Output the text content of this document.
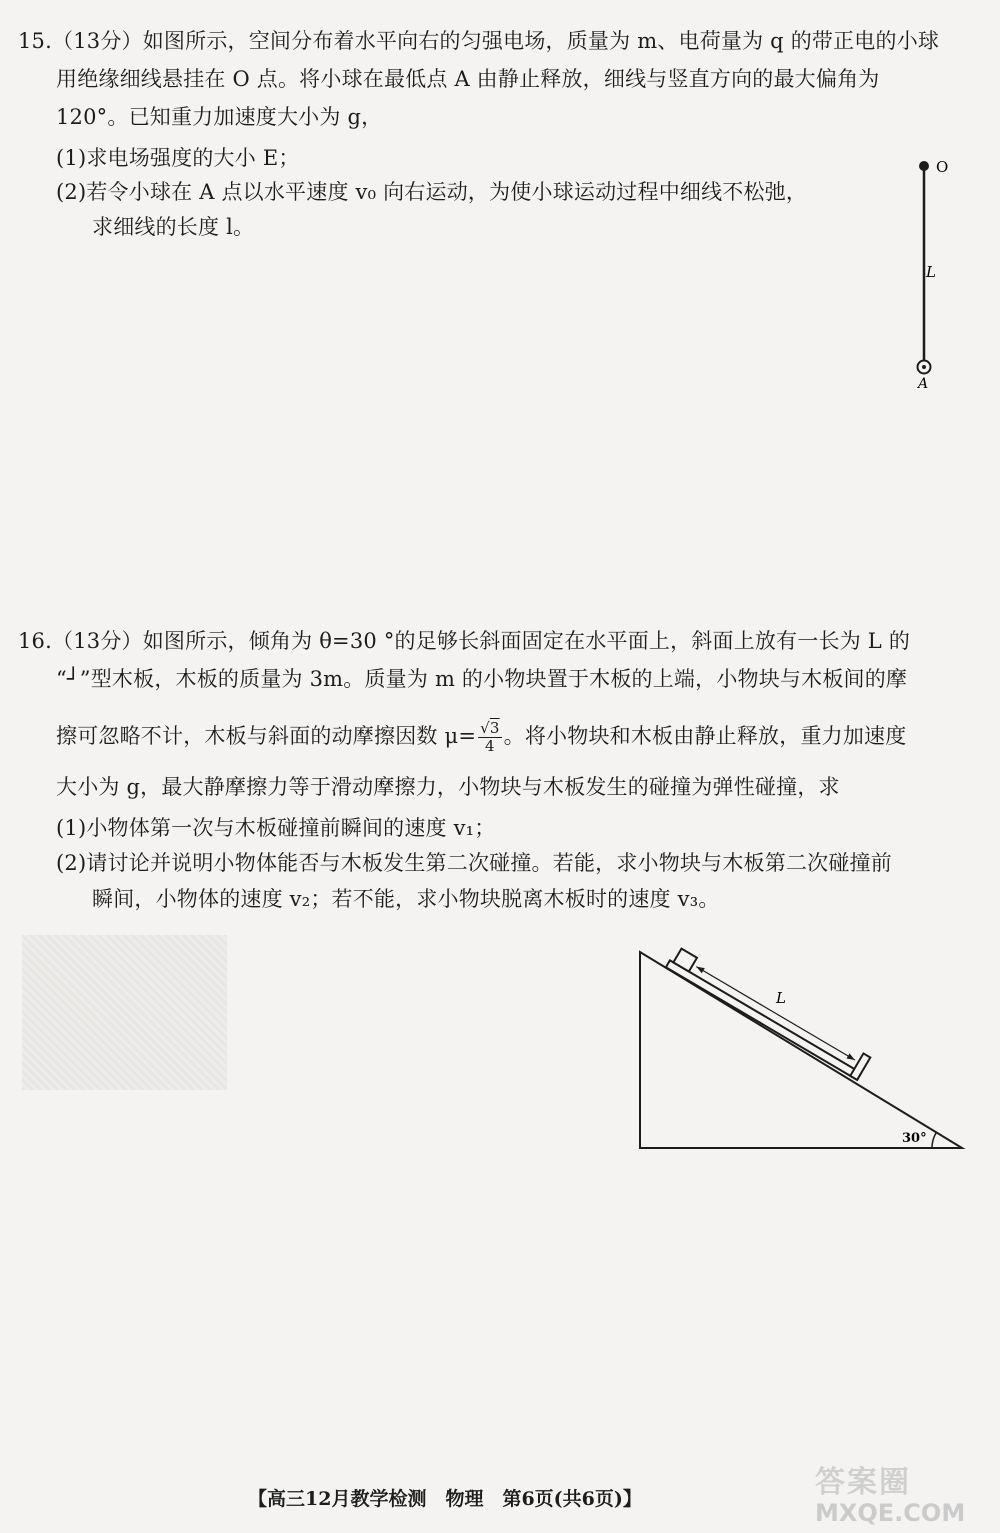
15.（13分）如图所示，空间分布着水平向右的匀强电场，质量为 m、电荷量为 q 的带正电的小球
用绝缘细线悬挂在 O 点。将小球在最低点 A 由静止释放，细线与竖直方向的最大偏角为
120°。已知重力加速度大小为 g，
(1)求电场强度的大小 E；
(2)若令小球在 A 点以水平速度 v₀ 向右运动，为使小球运动过程中细线不松弛，
求细线的长度 l。
O
L
A
16.（13分）如图所示，倾角为 θ=30 °的足够长斜面固定在水平面上，斜面上放有一长为 L 的
“┘”型木板，木板的质量为 3m。质量为 m 的小物块置于木板的上端，小物块与木板间的摩
擦可忽略不计，木板与斜面的动摩擦因数 $\mu= \frac{√3}{4}$ 。将小物块和木板由静止释放，重力加速度
大小为 g，最大静摩擦力等于滑动摩擦力，小物块与木板发生的碰撞为弹性碰撞，求
(1)小物体第一次与木板碰撞前瞬间的速度 v₁；
(2)请讨论并说明小物体能否与木板发生第二次碰撞。若能，求小物块与木板第二次碰撞前
瞬间，小物体的速度 v₂；若不能，求小物块脱离木板时的速度 v₃。
30°
L
【高三12月教学检测　物理　第6页(共6页)】	答案圈
MXQE.COM
